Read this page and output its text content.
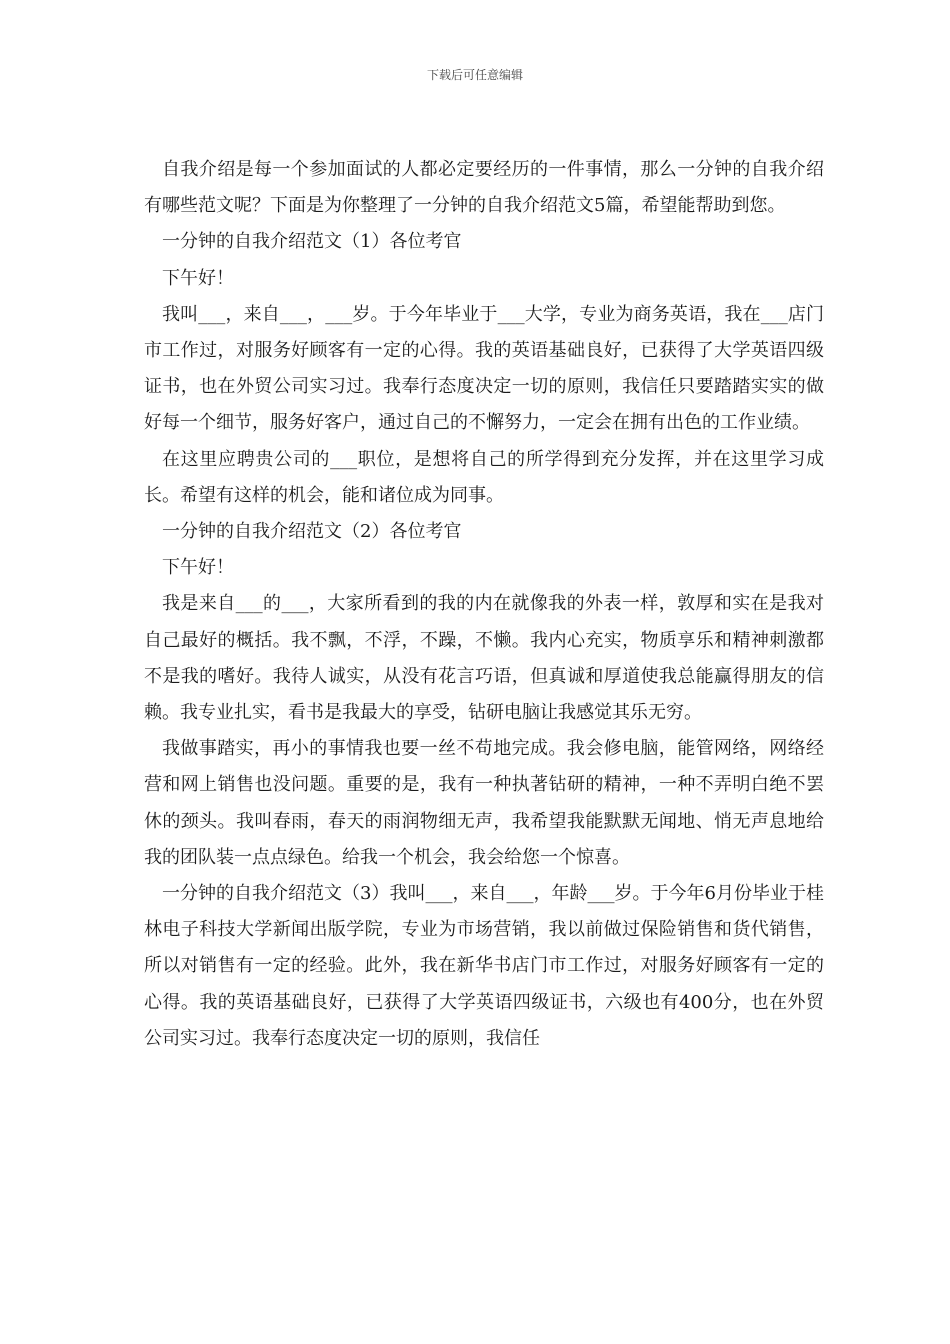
下载后可任意编辑

自我介绍是每一个参加面试的人都必定要经历的一件事情，那么一分钟的自我介绍有哪些范文呢？下面是为你整理了一分钟的自我介绍范文5篇，希望能帮助到您。

一分钟的自我介绍范文（1）各位考官

下午好！

我叫___，来自___，___岁。于今年毕业于___大学，专业为商务英语，我在___店门市工作过，对服务好顾客有一定的心得。我的英语基础良好，已获得了大学英语四级证书，也在外贸公司实习过。我奉行态度决定一切的原则，我信任只要踏踏实实的做好每一个细节，服务好客户，通过自己的不懈努力，一定会在拥有出色的工作业绩。

在这里应聘贵公司的___职位，是想将自己的所学得到充分发挥，并在这里学习成长。希望有这样的机会，能和诸位成为同事。

一分钟的自我介绍范文（2）各位考官

下午好！

我是来自___的___，大家所看到的我的内在就像我的外表一样，敦厚和实在是我对自己最好的概括。我不飘，不浮，不躁，不懒。我内心充实，物质享乐和精神刺激都不是我的嗜好。我待人诚实，从没有花言巧语，但真诚和厚道使我总能赢得朋友的信赖。我专业扎实，看书是我最大的享受，钻研电脑让我感觉其乐无穷。

我做事踏实，再小的事情我也要一丝不苟地完成。我会修电脑，能管网络，网络经营和网上销售也没问题。重要的是，我有一种执著钻研的精神，一种不弄明白绝不罢休的颈头。我叫春雨，春天的雨润物细无声，我希望我能默默无闻地、悄无声息地给我的团队装一点点绿色。给我一个机会，我会给您一个惊喜。

一分钟的自我介绍范文（3）我叫___，来自___，年龄___岁。于今年6月份毕业于桂林电子科技大学新闻出版学院，专业为市场营销，我以前做过保险销售和货代销售，所以对销售有一定的经验。此外，我在新华书店门市工作过，对服务好顾客有一定的心得。我的英语基础良好，已获得了大学英语四级证书，六级也有400分，也在外贸公司实习过。我奉行态度决定一切的原则，我信任
